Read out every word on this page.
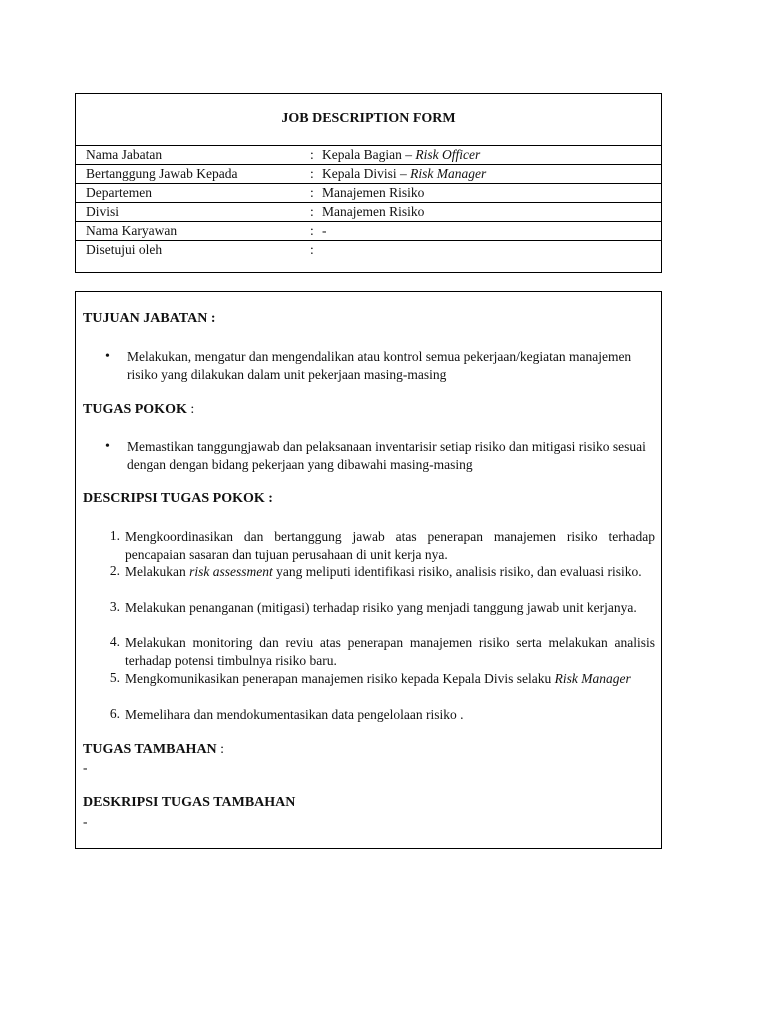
JOB DESCRIPTION FORM
Nama Jabatan	: Kepala Bagian – Risk Officer
Bertanggung Jawab Kepada	: Kepala Divisi – Risk Manager
Departemen	: Manajemen Risiko
Divisi	: Manajemen Risiko
Nama Karyawan	: -
Disetujui oleh	:
TUJUAN JABATAN :
• Melakukan, mengatur dan mengendalikan atau kontrol semua pekerjaan/kegiatan manajemen risiko yang dilakukan dalam unit pekerjaan masing-masing
TUGAS POKOK :
• Memastikan tanggungjawab dan pelaksanaan inventarisir setiap risiko dan mitigasi risiko sesuai dengan dengan bidang pekerjaan yang dibawahi masing-masing
DESCRIPSI TUGAS POKOK :
1. Mengkoordinasikan dan bertanggung jawab atas penerapan manajemen risiko terhadap pencapaian sasaran dan tujuan perusahaan di unit kerja nya.
2. Melakukan risk assessment yang meliputi identifikasi risiko, analisis risiko, dan evaluasi risiko.
3. Melakukan penanganan (mitigasi) terhadap risiko yang menjadi tanggung jawab unit kerjanya.
4. Melakukan monitoring dan reviu atas penerapan manajemen risiko serta melakukan analisis terhadap potensi timbulnya risiko baru.
5. Mengkomunikasikan penerapan manajemen risiko kepada Kepala Divis selaku Risk Manager
6. Memelihara dan mendokumentasikan data pengelolaan risiko .
TUGAS TAMBAHAN :
-
DESKRIPSI TUGAS TAMBAHAN
-
